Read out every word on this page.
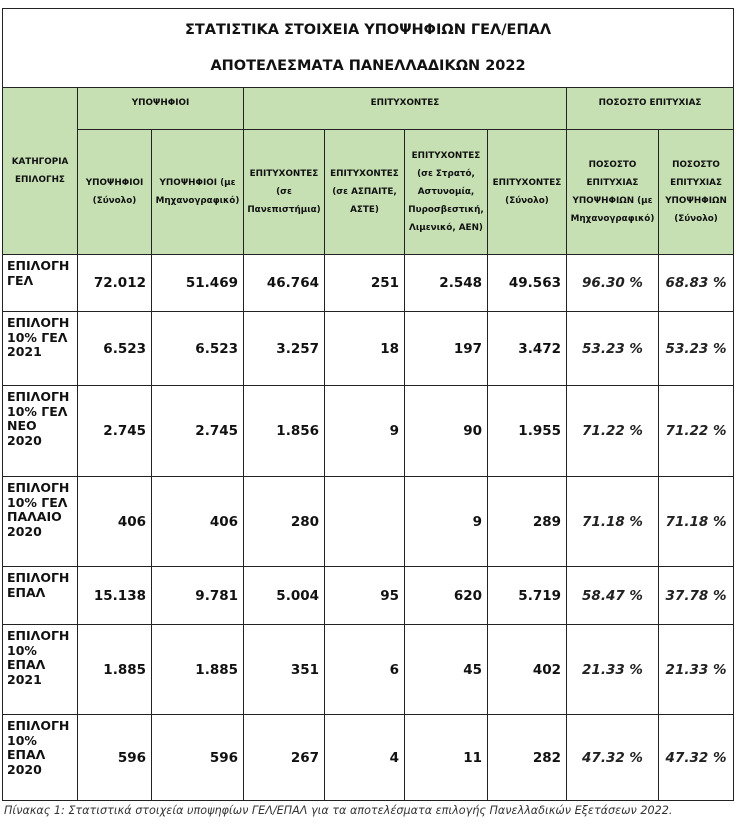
ΣΤΑΤΙΣΤΙΚΑ ΣΤΟΙΧΕΙΑ ΥΠΟΨΗΦΙΩΝ ΓΕΛ/ΕΠΑΛ
ΑΠΟΤΕΛΕΣΜΑΤΑ ΠΑΝΕΛΛΑΔΙΚΩΝ 2022								

ΚΑΤΗΓΟΡΙΑ ΕΠΙΛΟΓΗΣ	ΥΠΟΨΗΦΙΟΙ		ΕΠΙΤΥΧΟΝΤΕΣ				ΠΟΣΟΣΤΟ ΕΠΙΤΥΧΙΑΣ	
	ΥΠΟΨΗΦΙΟΙ (Σύνολο)	ΥΠΟΨΗΦΙΟΙ (με Μηχανογραφικό)	ΕΠΙΤΥΧΟΝΤΕΣ (σε Πανεπιστήμια)	ΕΠΙΤΥΧΟΝΤΕΣ (σε ΑΣΠΑΙΤΕ, ΑΣΤΕ)	ΕΠΙΤΥΧΟΝΤΕΣ (σε Στρατό, Αστυνομία, Πυροσβεστική, Λιμενικό, ΑΕΝ)	ΕΠΙΤΥΧΟΝΤΕΣ (Σύνολο)	ΠΟΣΟΣΤΟ ΕΠΙΤΥΧΙΑΣ ΥΠΟΨΗΦΙΩΝ (με Μηχανογραφικό)	ΠΟΣΟΣΤΟ ΕΠΙΤΥΧΙΑΣ ΥΠΟΨΗΦΙΩΝ (Σύνολο)
ΕΠΙΛΟΓΗ ΓΕΛ	72.012	51.469	46.764	251	2.548	49.563	96.30 %	68.83 %
ΕΠΙΛΟΓΗ 10% ΓΕΛ 2021	6.523	6.523	3.257	18	197	3.472	53.23 %	53.23 %
ΕΠΙΛΟΓΗ 10% ΓΕΛ ΝΕΟ 2020	2.745	2.745	1.856	9	90	1.955	71.22 %	71.22 %
ΕΠΙΛΟΓΗ 10% ΓΕΛ ΠΑΛΑΙΟ 2020	406	406	280		9	289	71.18 %	71.18 %
ΕΠΙΛΟΓΗ ΕΠΑΛ	15.138	9.781	5.004	95	620	5.719	58.47 %	37.78 %
ΕΠΙΛΟΓΗ 10% ΕΠΑΛ 2021	1.885	1.885	351	6	45	402	21.33 %	21.33 %
ΕΠΙΛΟΓΗ 10% ΕΠΑΛ 2020	596	596	267	4	11	282	47.32 %	47.32 %
Πίνακας 1: Στατιστικά στοιχεία υποψηφίων ΓΕΛ/ΕΠΑΛ για τα αποτελέσματα επιλογής Πανελλαδικών Εξετάσεων 2022.
